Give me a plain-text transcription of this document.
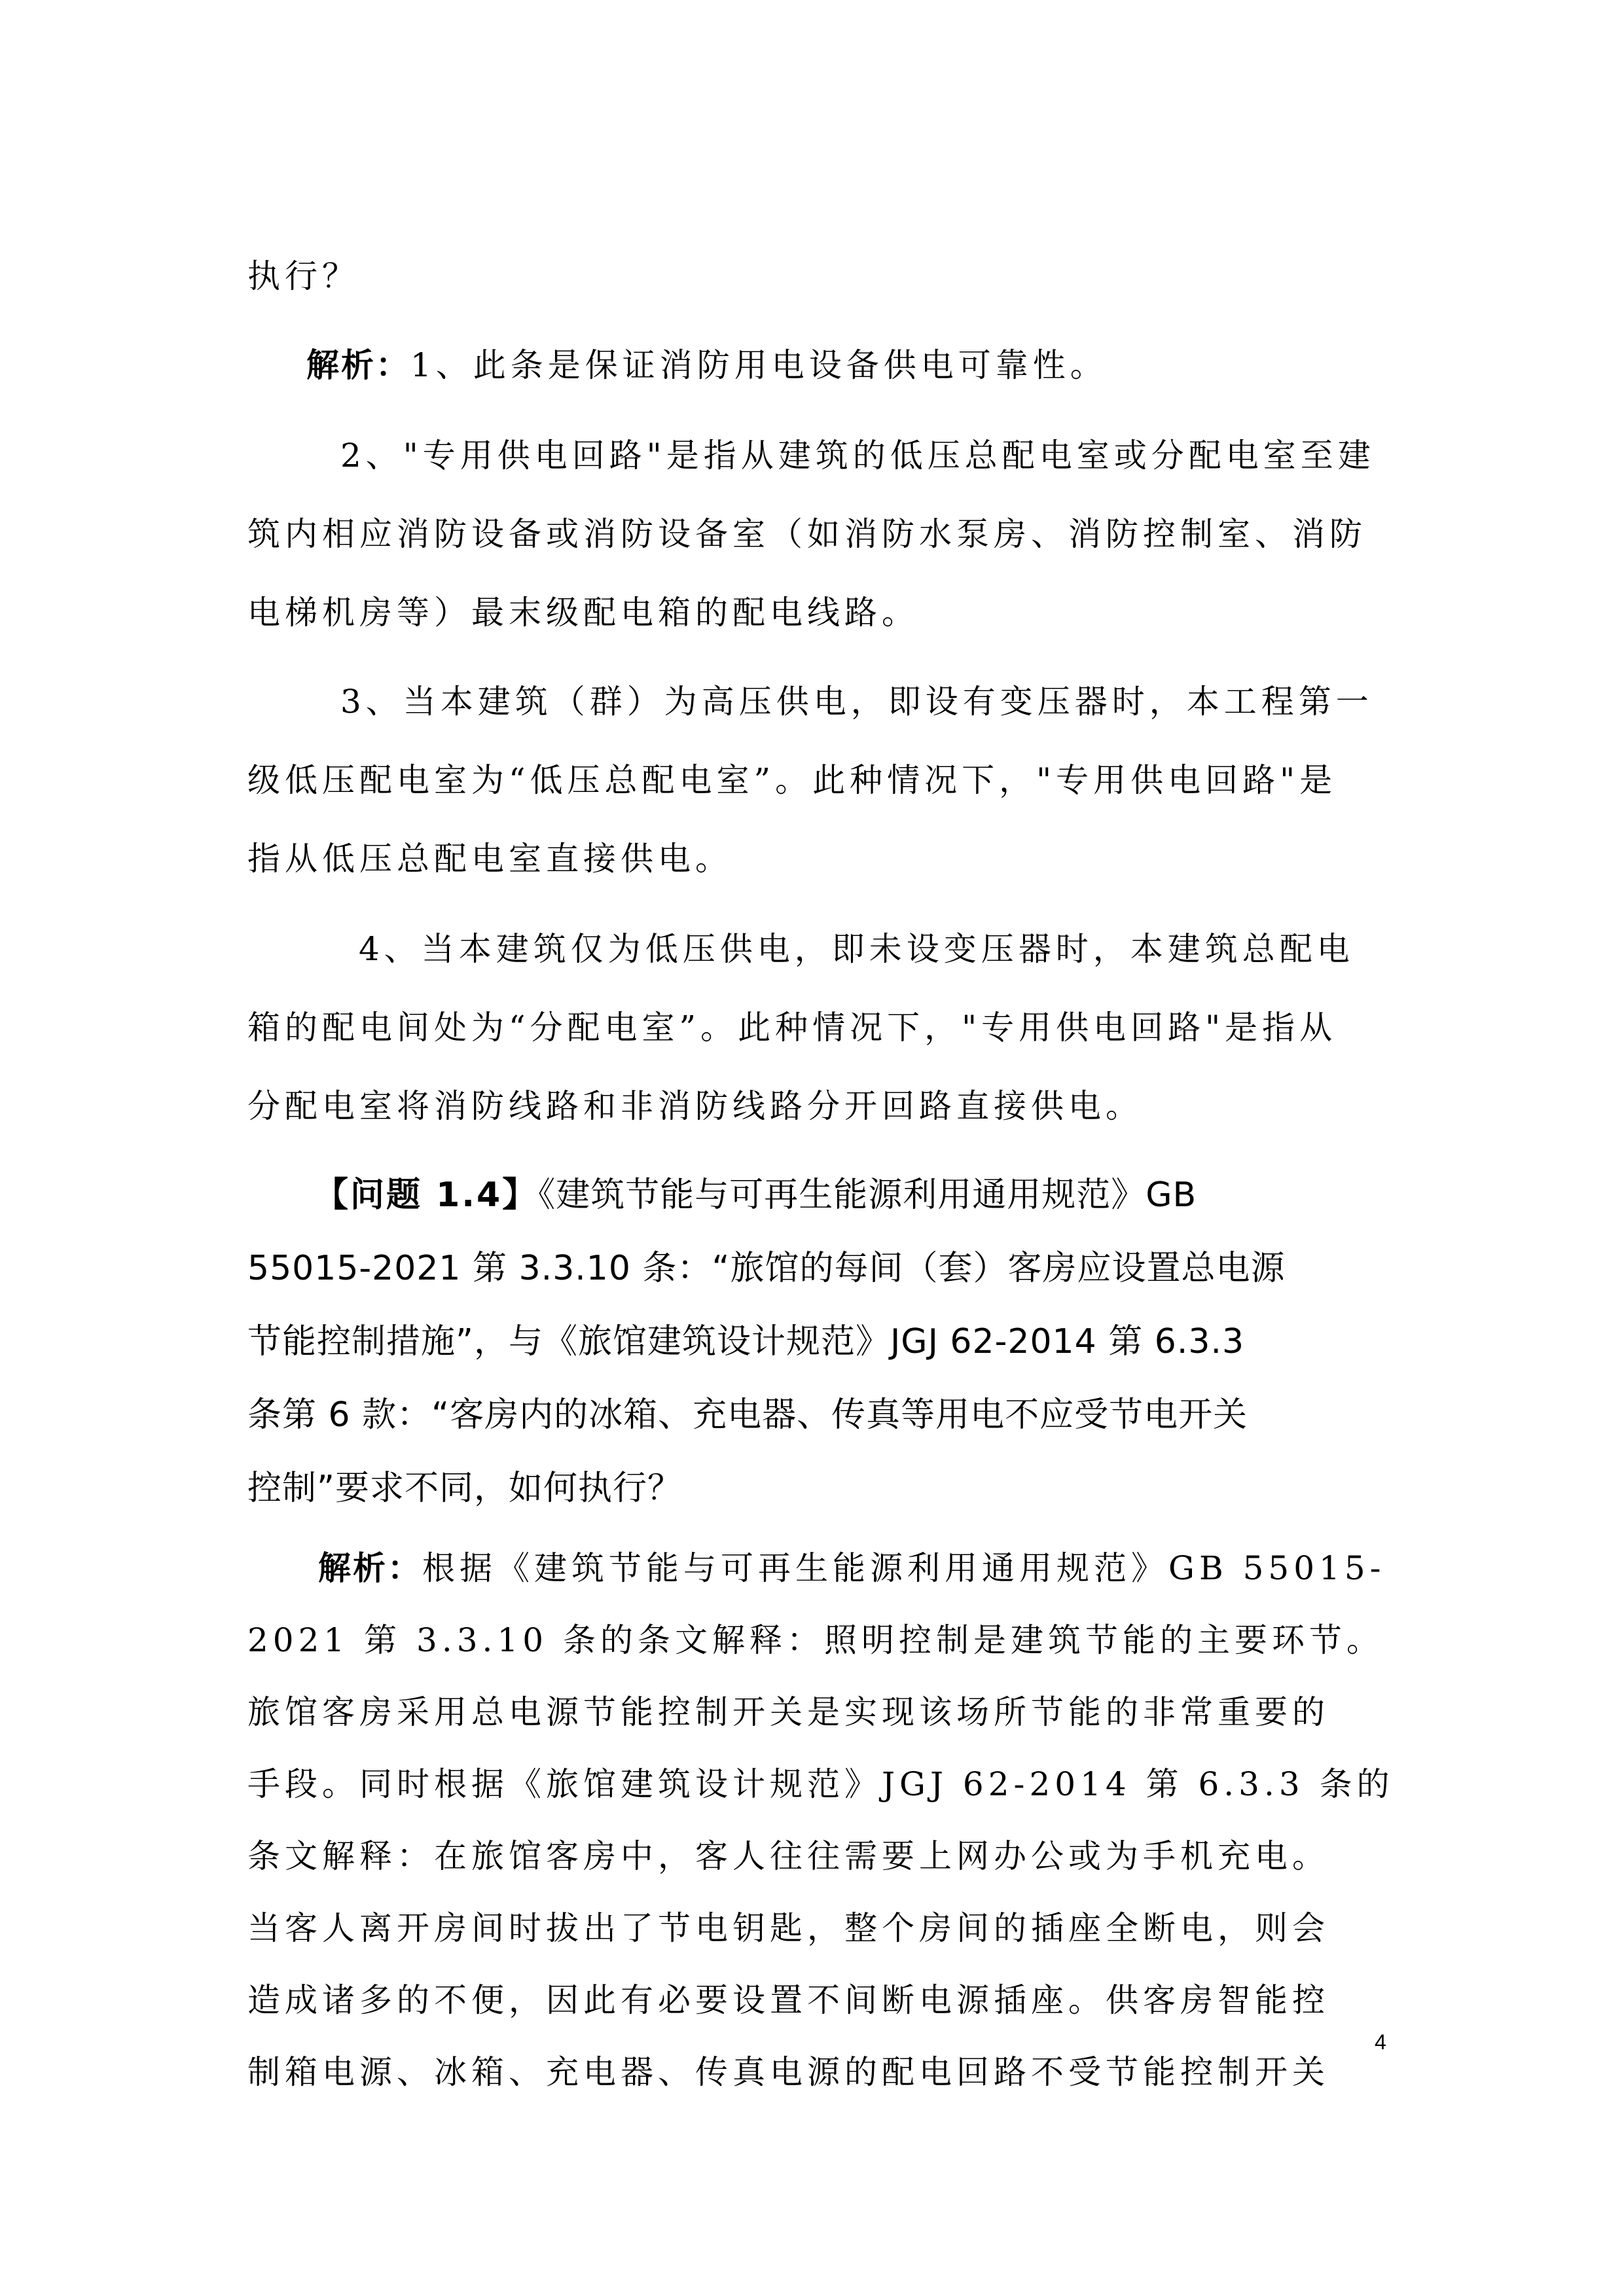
执行？
解析：1、此条是保证消防用电设备供电可靠性。
2、"专用供电回路"是指从建筑的低压总配电室或分配电室至建
筑内相应消防设备或消防设备室（如消防水泵房、消防控制室、消防
电梯机房等）最末级配电箱的配电线路。
3、当本建筑（群）为高压供电，即设有变压器时，本工程第一
级低压配电室为“低压总配电室”。此种情况下，"专用供电回路"是
指从低压总配电室直接供电。
4、当本建筑仅为低压供电，即未设变压器时，本建筑总配电
箱的配电间处为“分配电室”。此种情况下，"专用供电回路"是指从
分配电室将消防线路和非消防线路分开回路直接供电。
【问题 1.4】《建筑节能与可再生能源利用通用规范》GB
55015-2021 第 3.3.10 条：“旅馆的每间（套）客房应设置总电源
节能控制措施”，与《旅馆建筑设计规范》JGJ 62-2014 第 6.3.3
条第 6 款：“客房内的冰箱、充电器、传真等用电不应受节电开关
控制”要求不同，如何执行？
解析：根据《建筑节能与可再生能源利用通用规范》GB 55015-
2021 第 3.3.10 条的条文解释：照明控制是建筑节能的主要环节。
旅馆客房采用总电源节能控制开关是实现该场所节能的非常重要的
手段。同时根据《旅馆建筑设计规范》JGJ 62-2014 第 6.3.3 条的
条文解释：在旅馆客房中，客人往往需要上网办公或为手机充电。
当客人离开房间时拔出了节电钥匙，整个房间的插座全断电，则会
造成诸多的不便，因此有必要设置不间断电源插座。供客房智能控
制箱电源、冰箱、充电器、传真电源的配电回路不受节能控制开关
4
